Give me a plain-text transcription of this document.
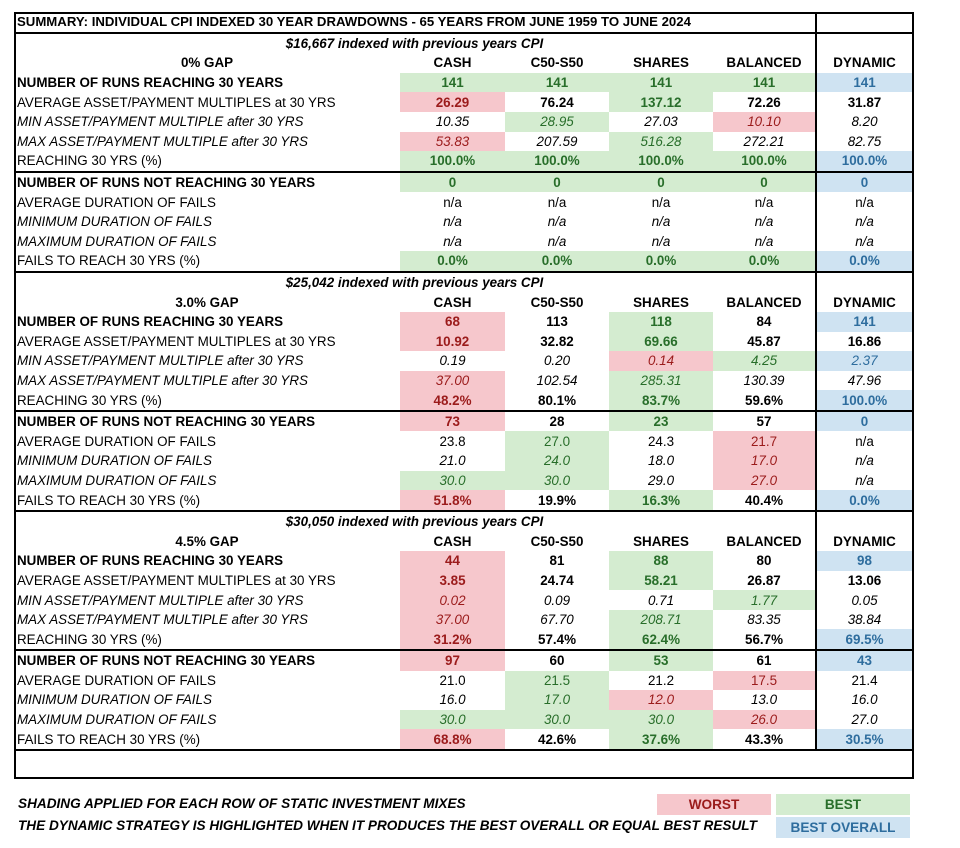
SUMMARY: INDIVIDUAL CPI INDEXED 30 YEAR DRAWDOWNS - 65 YEARS FROM JUNE 1959 TO JUNE 2024					
$16,667 indexed with previous years CPI					
0% GAP	CASH	C50-S50	SHARES	BALANCED	DYNAMIC
NUMBER OF RUNS REACHING 30 YEARS	141	141	141	141	141
AVERAGE ASSET/PAYMENT MULTIPLES at 30 YRS	26.29	76.24	137.12	72.26	31.87
MIN ASSET/PAYMENT MULTIPLE after 30 YRS	10.35	28.95	27.03	10.10	8.20
MAX ASSET/PAYMENT MULTIPLE after 30 YRS	53.83	207.59	516.28	272.21	82.75
REACHING 30 YRS (%)	100.0%	100.0%	100.0%	100.0%	100.0%
NUMBER OF RUNS NOT REACHING 30 YEARS	0	0	0	0	0
AVERAGE DURATION OF FAILS	n/a	n/a	n/a	n/a	n/a
MINIMUM DURATION OF FAILS	n/a	n/a	n/a	n/a	n/a
MAXIMUM DURATION OF FAILS	n/a	n/a	n/a	n/a	n/a
FAILS TO REACH 30 YRS (%)	0.0%	0.0%	0.0%	0.0%	0.0%
$25,042 indexed with previous years CPI					
3.0% GAP	CASH	C50-S50	SHARES	BALANCED	DYNAMIC
NUMBER OF RUNS REACHING 30 YEARS	68	113	118	84	141
AVERAGE ASSET/PAYMENT MULTIPLES at 30 YRS	10.92	32.82	69.66	45.87	16.86
MIN ASSET/PAYMENT MULTIPLE after 30 YRS	0.19	0.20	0.14	4.25	2.37
MAX ASSET/PAYMENT MULTIPLE after 30 YRS	37.00	102.54	285.31	130.39	47.96
REACHING 30 YRS (%)	48.2%	80.1%	83.7%	59.6%	100.0%
NUMBER OF RUNS NOT REACHING 30 YEARS	73	28	23	57	0
AVERAGE DURATION OF FAILS	23.8	27.0	24.3	21.7	n/a
MINIMUM DURATION OF FAILS	21.0	24.0	18.0	17.0	n/a
MAXIMUM DURATION OF FAILS	30.0	30.0	29.0	27.0	n/a
FAILS TO REACH 30 YRS (%)	51.8%	19.9%	16.3%	40.4%	0.0%
$30,050 indexed with previous years CPI					
4.5% GAP	CASH	C50-S50	SHARES	BALANCED	DYNAMIC
NUMBER OF RUNS REACHING 30 YEARS	44	81	88	80	98
AVERAGE ASSET/PAYMENT MULTIPLES at 30 YRS	3.85	24.74	58.21	26.87	13.06
MIN ASSET/PAYMENT MULTIPLE after 30 YRS	0.02	0.09	0.71	1.77	0.05
MAX ASSET/PAYMENT MULTIPLE after 30 YRS	37.00	67.70	208.71	83.35	38.84
REACHING 30 YRS (%)	31.2%	57.4%	62.4%	56.7%	69.5%
NUMBER OF RUNS NOT REACHING 30 YEARS	97	60	53	61	43
AVERAGE DURATION OF FAILS	21.0	21.5	21.2	17.5	21.4
MINIMUM DURATION OF FAILS	16.0	17.0	12.0	13.0	16.0
MAXIMUM DURATION OF FAILS	30.0	30.0	30.0	26.0	27.0
FAILS TO REACH 30 YRS (%)	68.8%	42.6%	37.6%	43.3%	30.5%
SHADING APPLIED FOR EACH ROW OF STATIC INVESTMENT MIXES
THE DYNAMIC STRATEGY IS HIGHLIGHTED WHEN IT PRODUCES THE BEST OVERALL OR EQUAL BEST RESULT
WORST	BEST
BEST OVERALL
